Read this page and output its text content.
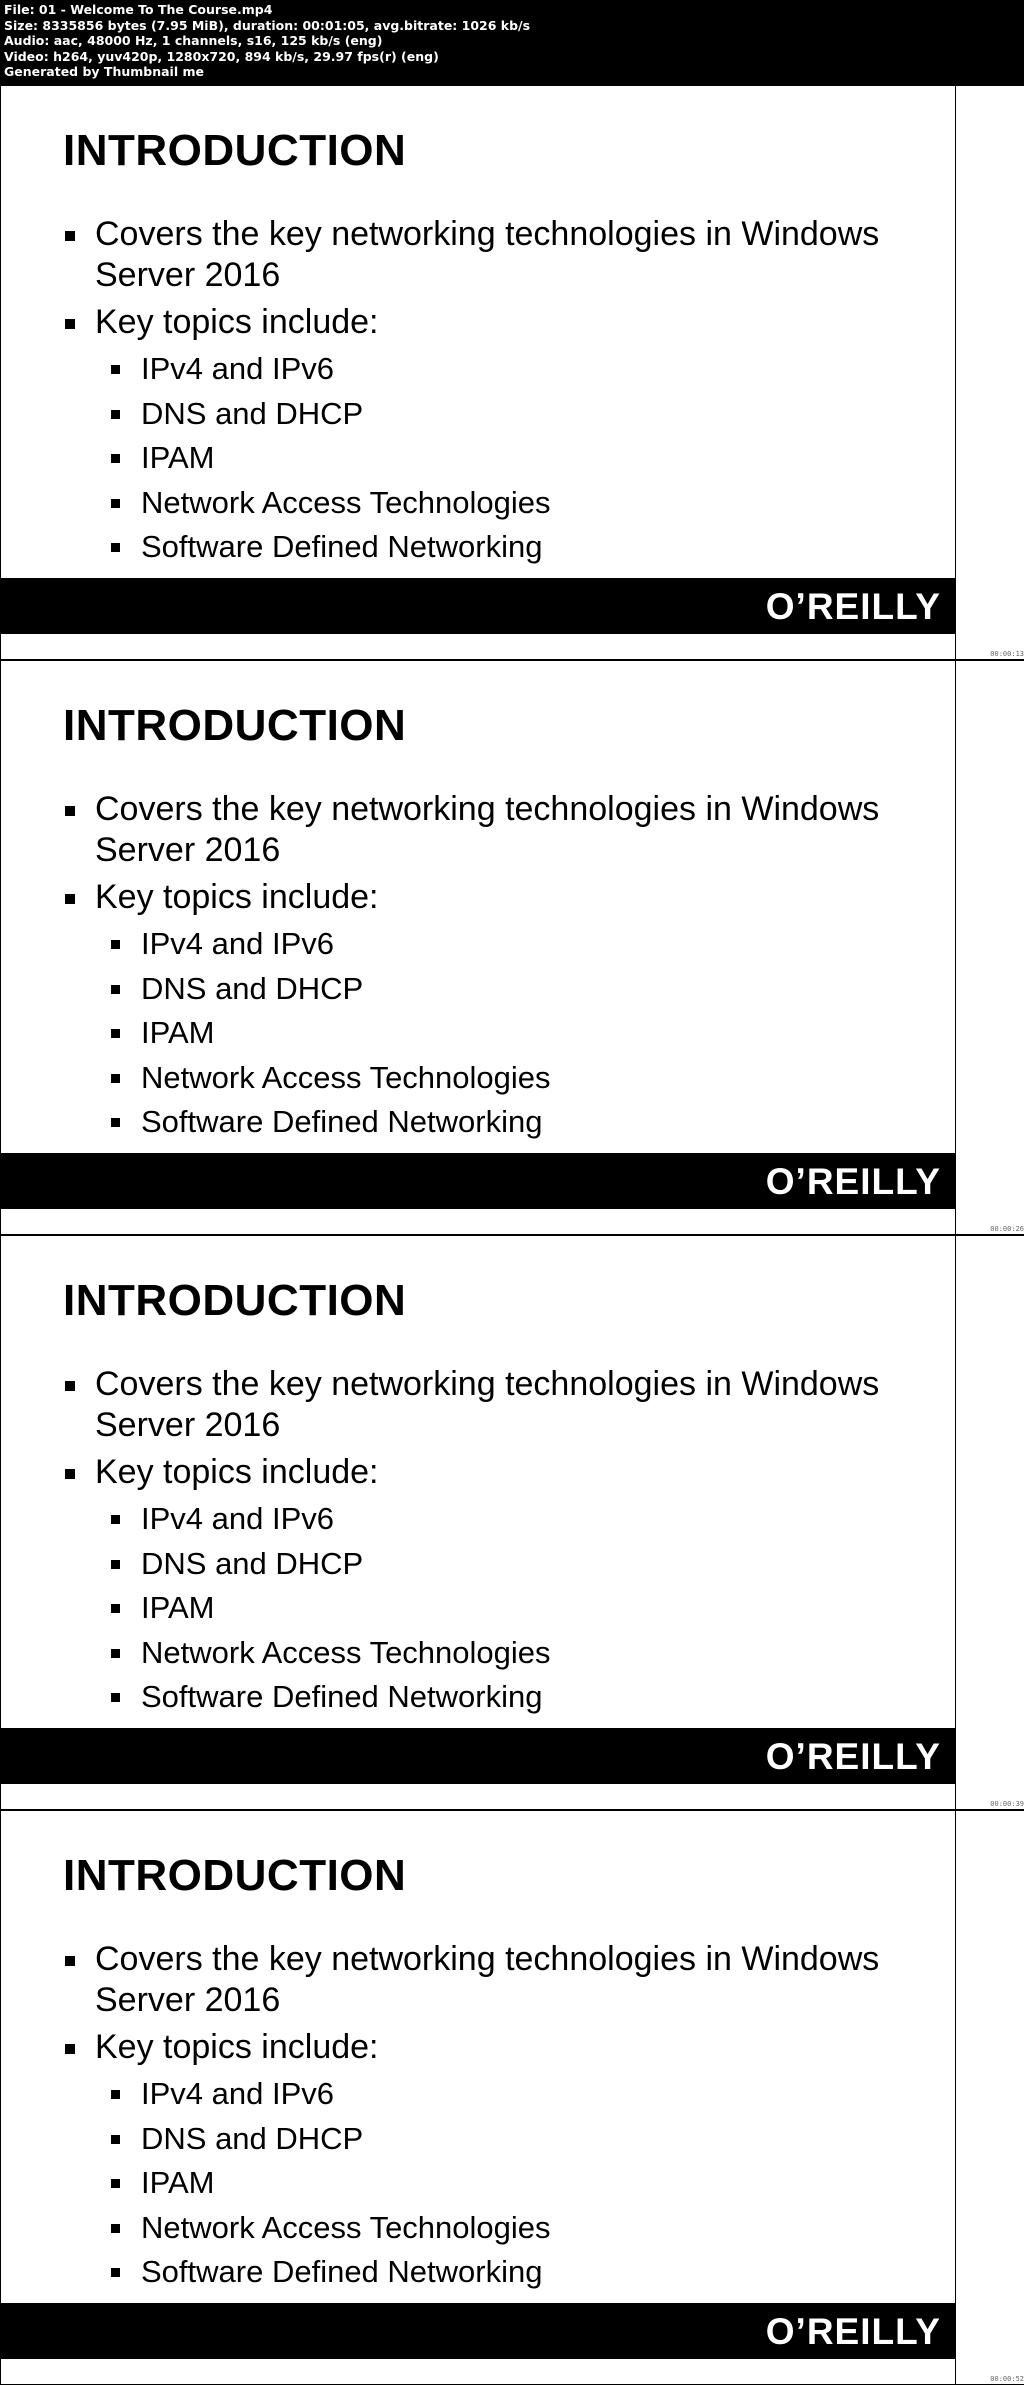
File: 01 - Welcome To The Course.mp4
Size: 8335856 bytes (7.95 MiB), duration: 00:01:05, avg.bitrate: 1026 kb/s
Audio: aac, 48000 Hz, 1 channels, s16, 125 kb/s (eng)
Video: h264, yuv420p, 1280x720, 894 kb/s, 29.97 fps(r) (eng)
Generated by Thumbnail me
INTRODUCTION
Covers the key networking technologies in Windows Server 2016
Key topics include:
IPv4 and IPv6
DNS and DHCP
IPAM
Network Access Technologies
Software Defined Networking
O’REILLY
00:00:13
INTRODUCTION
Covers the key networking technologies in Windows Server 2016
Key topics include:
IPv4 and IPv6
DNS and DHCP
IPAM
Network Access Technologies
Software Defined Networking
O’REILLY
00:00:26
INTRODUCTION
Covers the key networking technologies in Windows Server 2016
Key topics include:
IPv4 and IPv6
DNS and DHCP
IPAM
Network Access Technologies
Software Defined Networking
O’REILLY
00:00:39
INTRODUCTION
Covers the key networking technologies in Windows Server 2016
Key topics include:
IPv4 and IPv6
DNS and DHCP
IPAM
Network Access Technologies
Software Defined Networking
O’REILLY
00:00:52
